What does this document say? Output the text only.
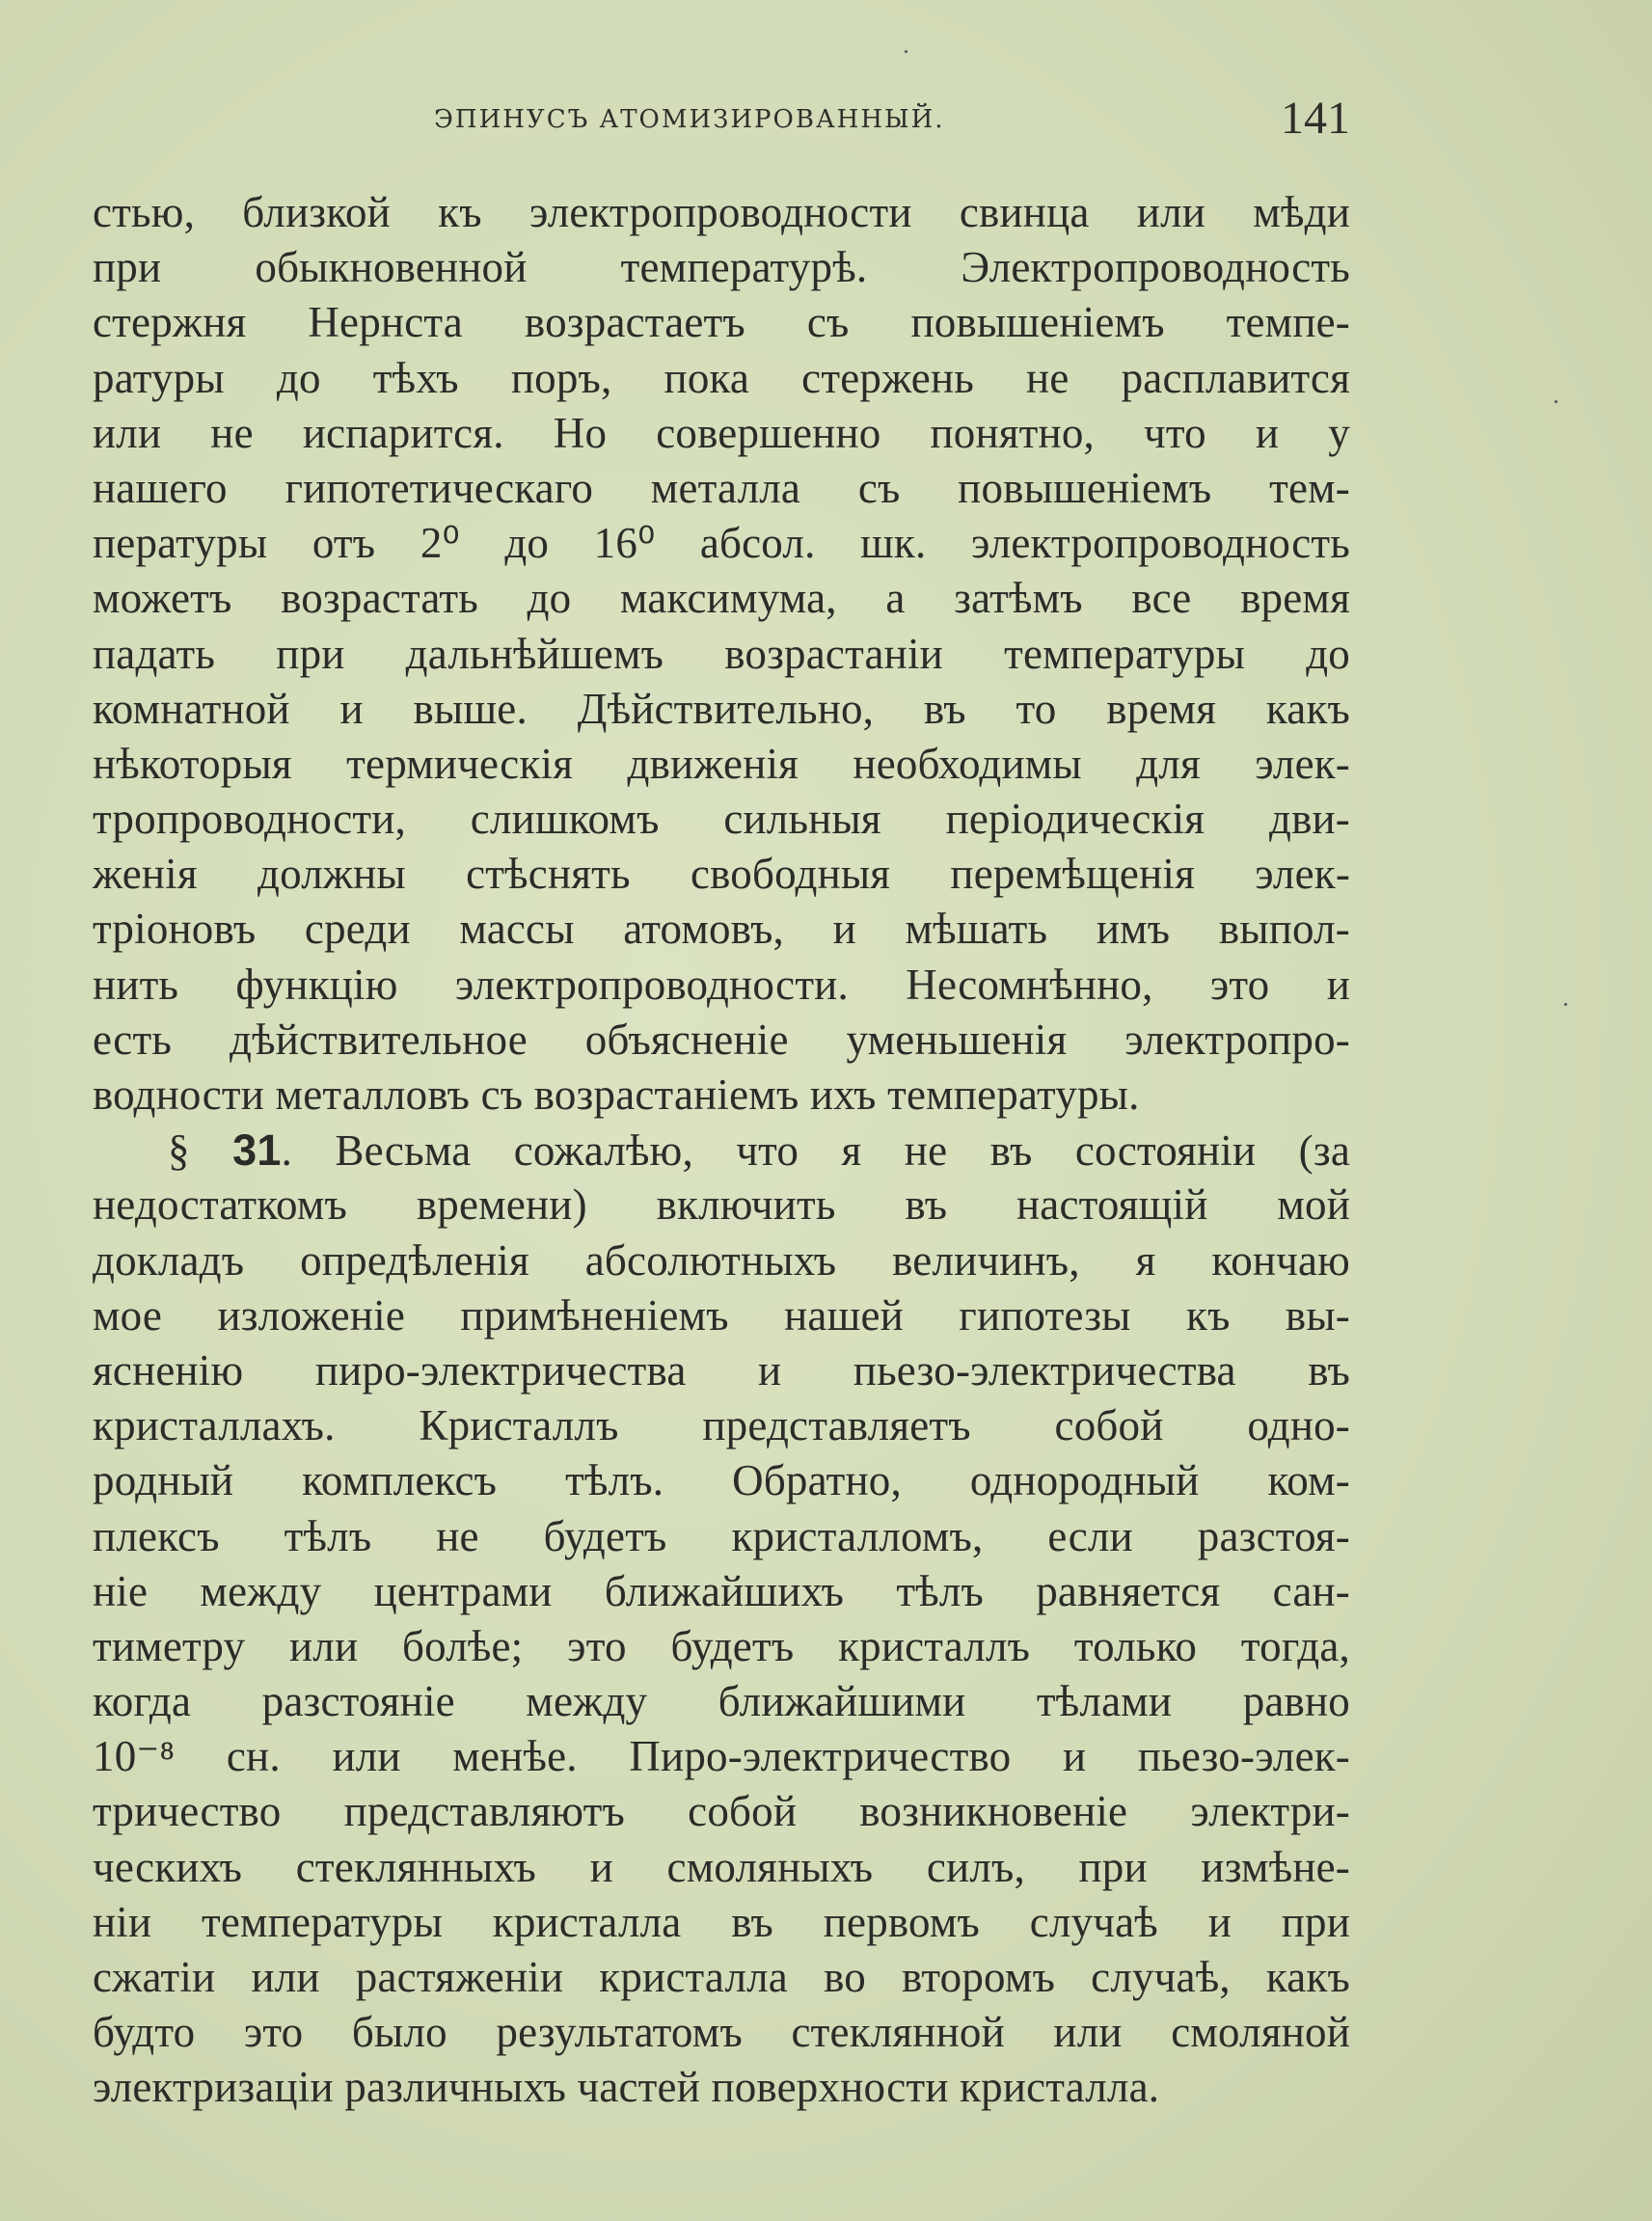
ЭПИНУСЪ АТОМИЗИРОВАННЫЙ.	141
стью, близкой къ электропроводности свинца или мѣди
при обыкновенной температурѣ. Электропроводность
стержня Нернста возрастаетъ съ повышеніемъ темпе-
ратуры до тѣхъ поръ, пока стержень не расплавится
или не испарится. Но совершенно понятно, что и у
нашего гипотетическаго металла съ повышеніемъ тем-
пературы отъ 2⁰ до 16⁰ абсол. шк. электропроводность
можетъ возрастать до максимума, а затѣмъ все время
падать при дальнѣйшемъ возрастаніи температуры до
комнатной и выше. Дѣйствительно, въ то время какъ
нѣкоторыя термическія движенія необходимы для элек-
тропроводности, слишкомъ сильныя періодическія дви-
женія должны стѣснять свободныя перемѣщенія элек-
тріоновъ среди массы атомовъ, и мѣшать имъ выпол-
нить функцію электропроводности. Несомнѣнно, это и
есть дѣйствительное объясненіе уменьшенія электропро-
водности металловъ съ возрастаніемъ ихъ температуры.
§ 31. Весьма сожалѣю, что я не въ состояніи (за
недостаткомъ времени) включить въ настоящій мой
докладъ опредѣленія абсолютныхъ величинъ, я кончаю
мое изложеніе примѣненіемъ нашей гипотезы къ вы-
ясненію пиро-электричества и пьезо-электричества въ
кристаллахъ. Кристаллъ представляетъ собой одно-
родный комплексъ тѣлъ. Обратно, однородный ком-
плексъ тѣлъ не будетъ кристалломъ, если разстоя-
ніе между центрами ближайшихъ тѣлъ равняется сан-
тиметру или болѣе; это будетъ кристаллъ только тогда,
когда разстояніе между ближайшими тѣлами равно
10⁻⁸ сн. или менѣе. Пиро-электричество и пьезо-элек-
тричество представляютъ собой возникновеніе электри-
ческихъ стеклянныхъ и смоляныхъ силъ, при измѣне-
ніи температуры кристалла въ первомъ случаѣ и при
сжатіи или растяженіи кристалла во второмъ случаѣ, какъ
будто это было результатомъ стеклянной или смоляной
электризаціи различныхъ частей поверхности кристалла.
